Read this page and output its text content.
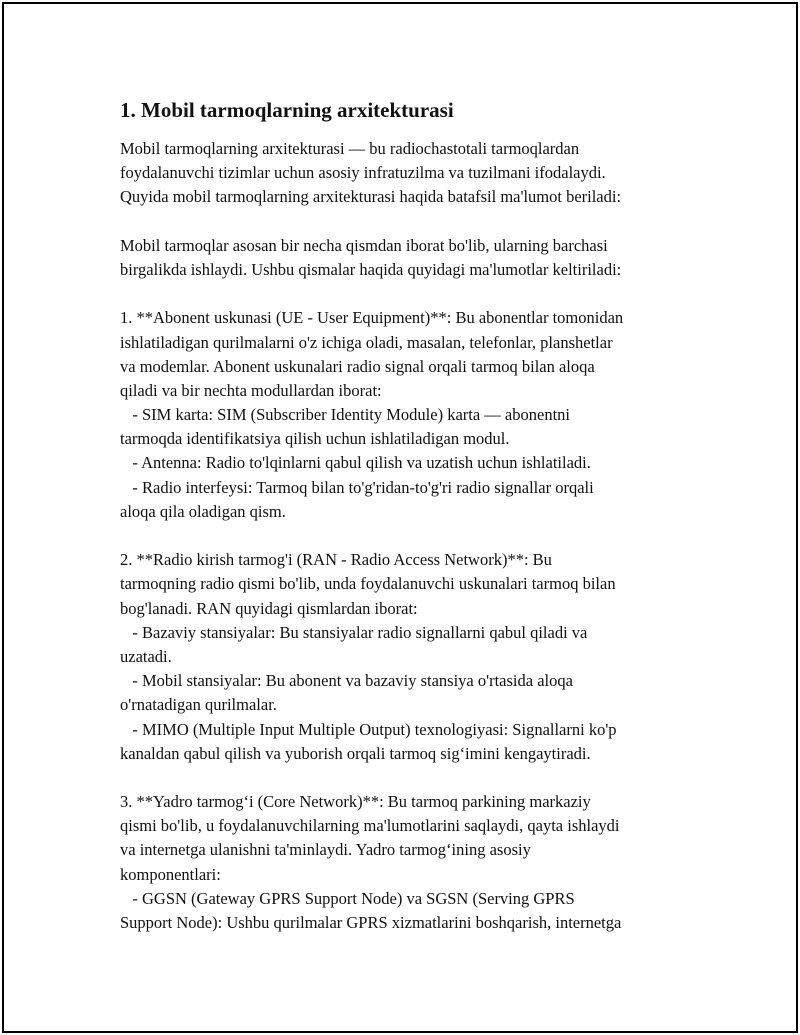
1. Mobil tarmoqlarning arxitekturasi
Mobil tarmoqlarning arxitekturasi — bu radiochastotali tarmoqlardan
foydalanuvchi tizimlar uchun asosiy infratuzilma va tuzilmani ifodalaydi.
Quyida mobil tarmoqlarning arxitekturasi haqida batafsil ma'lumot beriladi:
Mobil tarmoqlar asosan bir necha qismdan iborat bo'lib, ularning barchasi
birgalikda ishlaydi. Ushbu qismalar haqida quyidagi ma'lumotlar keltiriladi:
1. **Abonent uskunasi (UE - User Equipment)**: Bu abonentlar tomonidan
ishlatiladigan qurilmalarni o'z ichiga oladi, masalan, telefonlar, planshetlar
va modemlar. Abonent uskunalari radio signal orqali tarmoq bilan aloqa
qiladi va bir nechta modullardan iborat:
- SIM karta: SIM (Subscriber Identity Module) karta — abonentni
tarmoqda identifikatsiya qilish uchun ishlatiladigan modul.
- Antenna: Radio to'lqinlarni qabul qilish va uzatish uchun ishlatiladi.
- Radio interfeysi: Tarmoq bilan to'g'ridan-to'g'ri radio signallar orqali
aloqa qila oladigan qism.
2. **Radio kirish tarmog'i (RAN - Radio Access Network)**: Bu
tarmoqning radio qismi bo'lib, unda foydalanuvchi uskunalari tarmoq bilan
bog'lanadi. RAN quyidagi qismlardan iborat:
- Bazaviy stansiyalar: Bu stansiyalar radio signallarni qabul qiladi va
uzatadi.
- Mobil stansiyalar: Bu abonent va bazaviy stansiya o'rtasida aloqa
o'rnatadigan qurilmalar.
- MIMO (Multiple Input Multiple Output) texnologiyasi: Signallarni ko'p
kanaldan qabul qilish va yuborish orqali tarmoq sig‘imini kengaytiradi.
3. **Yadro tarmog‘i (Core Network)**: Bu tarmoq parkining markaziy
qismi bo'lib, u foydalanuvchilarning ma'lumotlarini saqlaydi, qayta ishlaydi
va internetga ulanishni ta'minlaydi. Yadro tarmog‘ining asosiy
komponentlari:
- GGSN (Gateway GPRS Support Node) va SGSN (Serving GPRS
Support Node): Ushbu qurilmalar GPRS xizmatlarini boshqarish, internetga
